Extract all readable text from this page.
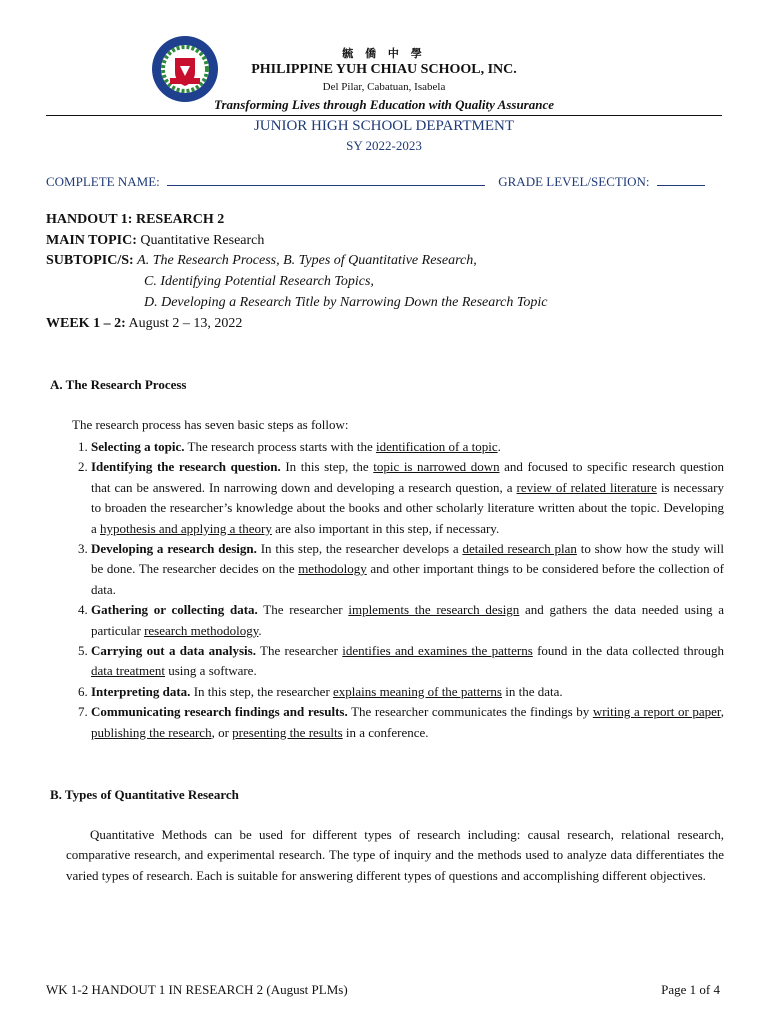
毓 僑 中 學
PHILIPPINE YUH CHIAU SCHOOL, INC.
Del Pilar, Cabatuan, Isabela
Transforming Lives through Education with Quality Assurance
JUNIOR HIGH SCHOOL DEPARTMENT
SY 2022-2023
COMPLETE NAME:	GRADE LEVEL/SECTION:
HANDOUT 1: RESEARCH 2
MAIN TOPIC: Quantitative Research
SUBTOPIC/S: A. The Research Process, B. Types of Quantitative Research,
C. Identifying Potential Research Topics,
D. Developing a Research Title by Narrowing Down the Research Topic
WEEK 1 – 2: August 2 – 13, 2022
A. The Research Process
The research process has seven basic steps as follow:
1. Selecting a topic. The research process starts with the identification of a topic.
2. Identifying the research question. In this step, the topic is narrowed down and focused to specific research question that can be answered. In narrowing down and developing a research question, a review of related literature is necessary to broaden the researcher’s knowledge about the books and other scholarly literature written about the topic. Developing a hypothesis and applying a theory are also important in this step, if necessary.
3. Developing a research design. In this step, the researcher develops a detailed research plan to show how the study will be done. The researcher decides on the methodology and other important things to be considered before the collection of data.
4. Gathering or collecting data. The researcher implements the research design and gathers the data needed using a particular research methodology.
5. Carrying out a data analysis. The researcher identifies and examines the patterns found in the data collected through data treatment using a software.
6. Interpreting data. In this step, the researcher explains meaning of the patterns in the data.
7. Communicating research findings and results. The researcher communicates the findings by writing a report or paper, publishing the research, or presenting the results in a conference.
B. Types of Quantitative Research
Quantitative Methods can be used for different types of research including: causal research, relational research, comparative research, and experimental research. The type of inquiry and the methods used to analyze data differentiates the varied types of research. Each is suitable for answering different types of questions and accomplishing different objectives.
WK 1-2 HANDOUT 1 IN RESEARCH 2 (August PLMs)	Page 1 of 4
